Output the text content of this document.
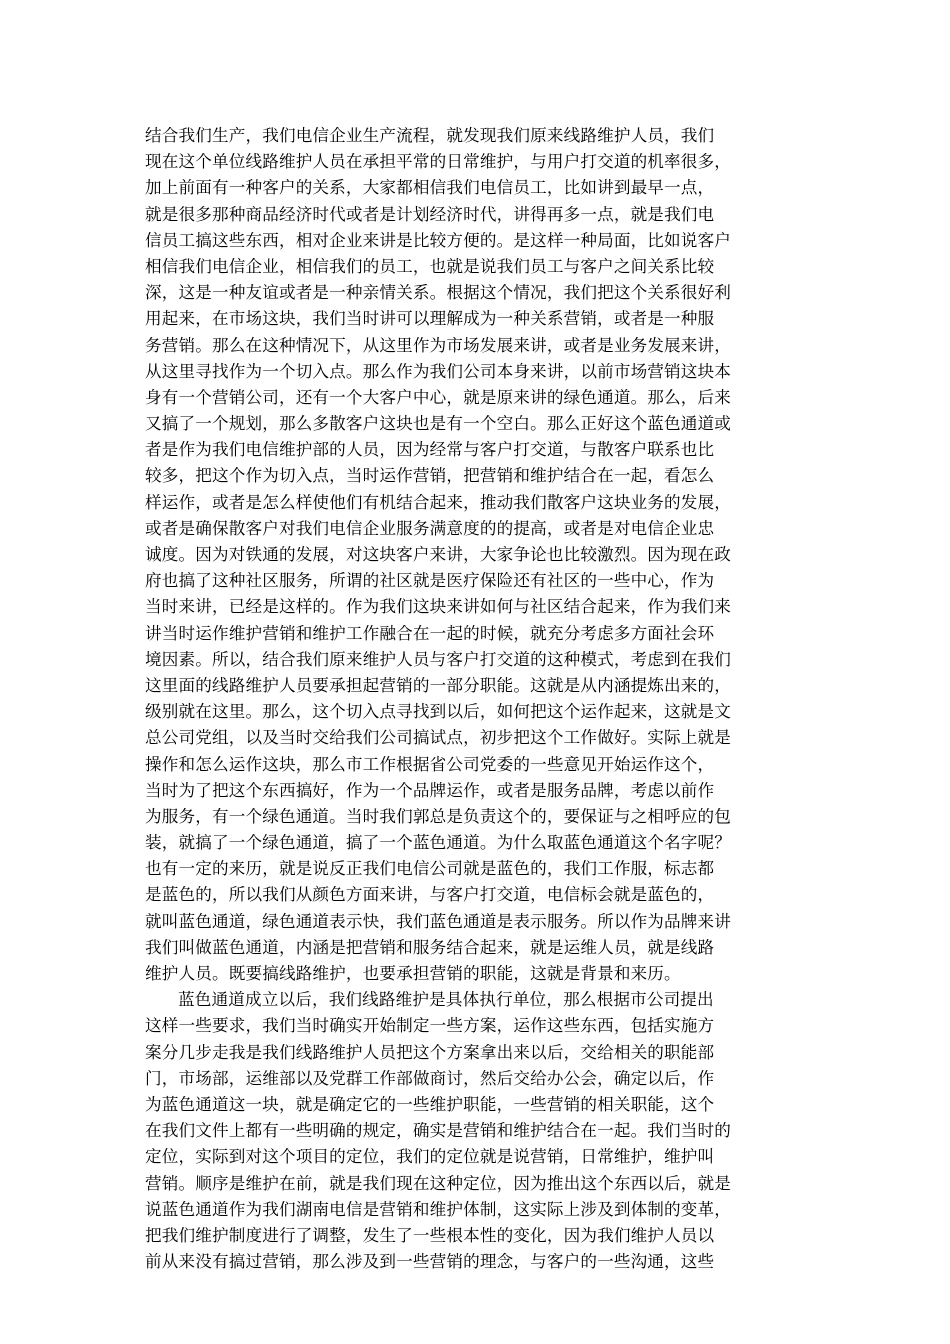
结合我们生产，我们电信企业生产流程，就发现我们原来线路维护人员，我们
现在这个单位线路维护人员在承担平常的日常维护，与用户打交道的机率很多，
加上前面有一种客户的关系，大家都相信我们电信员工，比如讲到最早一点，
就是很多那种商品经济时代或者是计划经济时代，讲得再多一点，就是我们电
信员工搞这些东西，相对企业来讲是比较方便的。是这样一种局面，比如说客户
相信我们电信企业，相信我们的员工，也就是说我们员工与客户之间关系比较
深，这是一种友谊或者是一种亲情关系。根据这个情况，我们把这个关系很好利
用起来，在市场这块，我们当时讲可以理解成为一种关系营销，或者是一种服
务营销。那么在这种情况下，从这里作为市场发展来讲，或者是业务发展来讲，
从这里寻找作为一个切入点。那么作为我们公司本身来讲，以前市场营销这块本
身有一个营销公司，还有一个大客户中心，就是原来讲的绿色通道。那么，后来
又搞了一个规划，那么多散客户这块也是有一个空白。那么正好这个蓝色通道或
者是作为我们电信维护部的人员，因为经常与客户打交道，与散客户联系也比
较多，把这个作为切入点，当时运作营销，把营销和维护结合在一起，看怎么
样运作，或者是怎么样使他们有机结合起来，推动我们散客户这块业务的发展，
或者是确保散客户对我们电信企业服务满意度的的提高，或者是对电信企业忠
诚度。因为对铁通的发展，对这块客户来讲，大家争论也比较激烈。因为现在政
府也搞了这种社区服务，所谓的社区就是医疗保险还有社区的一些中心，作为
当时来讲，已经是这样的。作为我们这块来讲如何与社区结合起来，作为我们来
讲当时运作维护营销和维护工作融合在一起的时候，就充分考虑多方面社会环
境因素。所以，结合我们原来维护人员与客户打交道的这种模式，考虑到在我们
这里面的线路维护人员要承担起营销的一部分职能。这就是从内涵提炼出来的，
级别就在这里。那么，这个切入点寻找到以后，如何把这个运作起来，这就是文
总公司党组，以及当时交给我们公司搞试点，初步把这个工作做好。实际上就是
操作和怎么运作这块，那么市工作根据省公司党委的一些意见开始运作这个，
当时为了把这个东西搞好，作为一个品牌运作，或者是服务品牌，考虑以前作
为服务，有一个绿色通道。当时我们郭总是负责这个的，要保证与之相呼应的包
装，就搞了一个绿色通道，搞了一个蓝色通道。为什么取蓝色通道这个名字呢？
也有一定的来历，就是说反正我们电信公司就是蓝色的，我们工作服，标志都
是蓝色的，所以我们从颜色方面来讲，与客户打交道，电信标会就是蓝色的，
就叫蓝色通道，绿色通道表示快，我们蓝色通道是表示服务。所以作为品牌来讲
我们叫做蓝色通道，内涵是把营销和服务结合起来，就是运维人员，就是线路
维护人员。既要搞线路维护，也要承担营销的职能，这就是背景和来历。
蓝色通道成立以后，我们线路维护是具体执行单位，那么根据市公司提出
这样一些要求，我们当时确实开始制定一些方案，运作这些东西，包括实施方
案分几步走我是我们线路维护人员把这个方案拿出来以后，交给相关的职能部
门，市场部，运维部以及党群工作部做商讨，然后交给办公会，确定以后，作
为蓝色通道这一块，就是确定它的一些维护职能，一些营销的相关职能，这个
在我们文件上都有一些明确的规定，确实是营销和维护结合在一起。我们当时的
定位，实际到对这个项目的定位，我们的定位就是说营销，日常维护，维护叫
营销。顺序是维护在前，就是我们现在这种定位，因为推出这个东西以后，就是
说蓝色通道作为我们湖南电信是营销和维护体制，这实际上涉及到体制的变革，
把我们维护制度进行了调整，发生了一些根本性的变化，因为我们维护人员以
前从来没有搞过营销，那么涉及到一些营销的理念，与客户的一些沟通，这些
